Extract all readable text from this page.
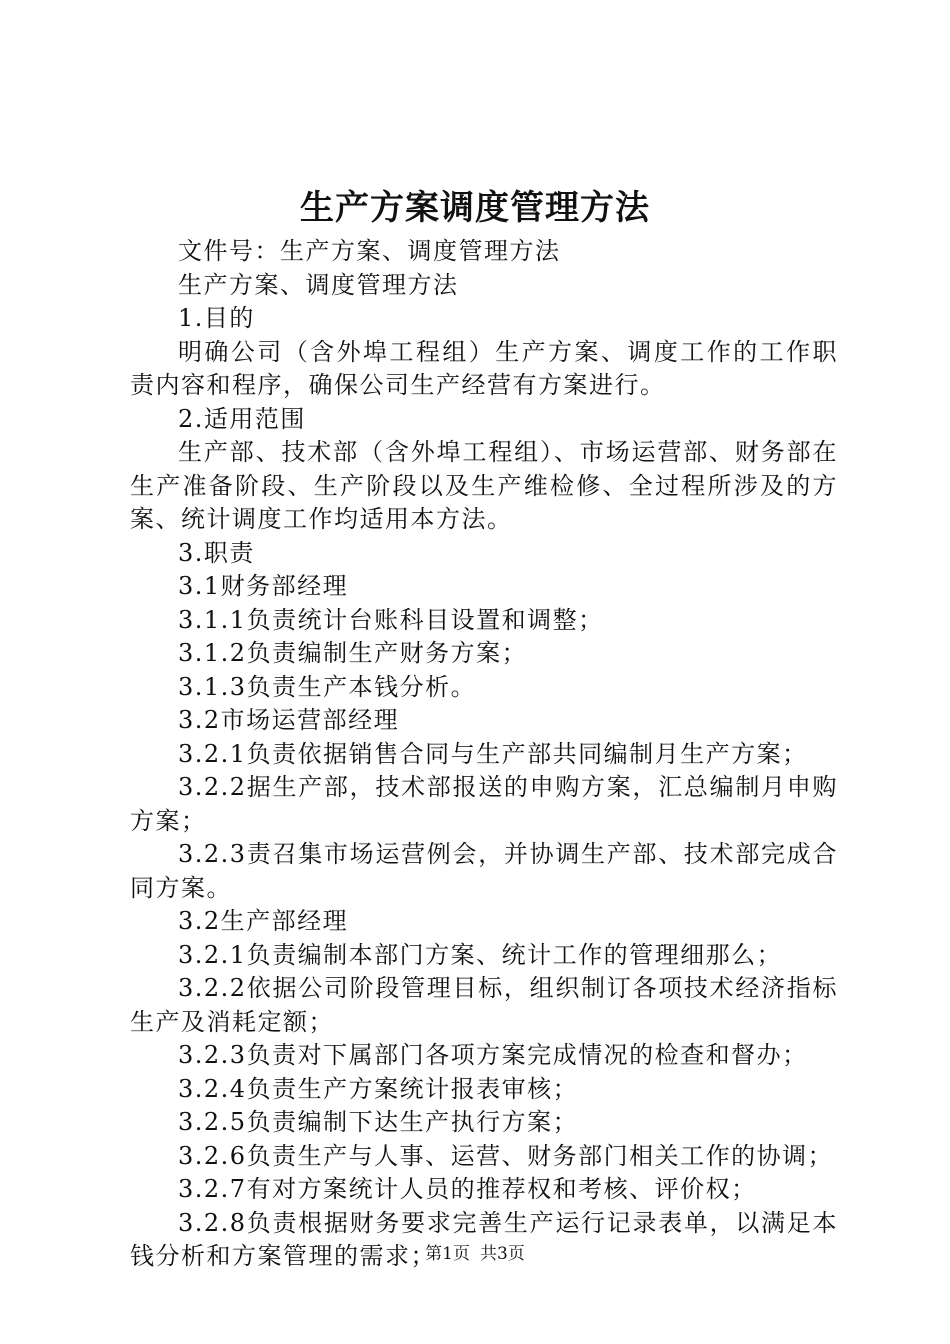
生产方案调度管理方法

文件号：生产方案、调度管理方法

生产方案、调度管理方法

1.目的

明确公司（含外埠工程组）生产方案、调度工作的工作职责内容和程序，确保公司生产经营有方案进行。

2.适用范围

生产部、技术部（含外埠工程组）、市场运营部、财务部在生产准备阶段、生产阶段以及生产维检修、全过程所涉及的方案、统计调度工作均适用本方法。

3.职责

3.1财务部经理

3.1.1负责统计台账科目设置和调整；

3.1.2负责编制生产财务方案；

3.1.3负责生产本钱分析。

3.2市场运营部经理

3.2.1负责依据销售合同与生产部共同编制月生产方案；

3.2.2据生产部，技术部报送的申购方案，汇总编制月申购方案；

3.2.3责召集市场运营例会，并协调生产部、技术部完成合同方案。

3.2生产部经理

3.2.1负责编制本部门方案、统计工作的管理细那么；

3.2.2依据公司阶段管理目标，组织制订各项技术经济指标生产及消耗定额；

3.2.3负责对下属部门各项方案完成情况的检查和督办；

3.2.4负责生产方案统计报表审核；

3.2.5负责编制下达生产执行方案；

3.2.6负责生产与人事、运营、财务部门相关工作的协调；

3.2.7有对方案统计人员的推荐权和考核、评价权；

3.2.8负责根据财务要求完善生产运行记录表单，以满足本钱分析和方案管理的需求；

第1页 共3页
